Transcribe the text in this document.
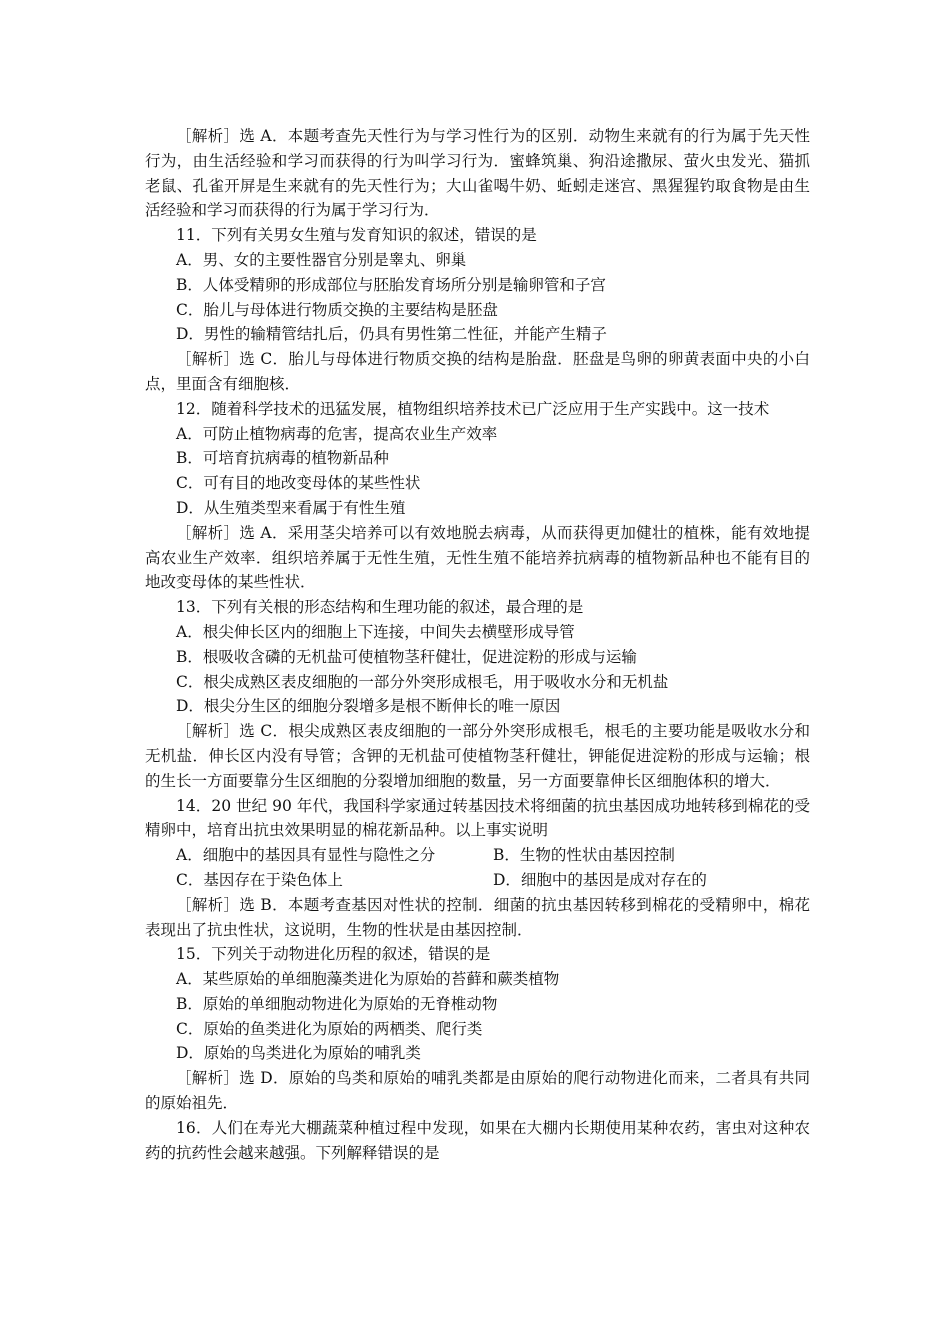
［解析］选 A．本题考查先天性行为与学习性行为的区别．动物生来就有的行为属于先天性行为，由生活经验和学习而获得的行为叫学习行为．蜜蜂筑巢、狗沿途撒尿、萤火虫发光、猫抓老鼠、孔雀开屏是生来就有的先天性行为；大山雀喝牛奶、蚯蚓走迷宫、黑猩猩钓取食物是由生活经验和学习而获得的行为属于学习行为．

11．下列有关男女生殖与发育知识的叙述，错误的是

A．男、女的主要性器官分别是睾丸、卵巢

B．人体受精卵的形成部位与胚胎发育场所分别是输卵管和子宫

C．胎儿与母体进行物质交换的主要结构是胚盘

D．男性的输精管结扎后，仍具有男性第二性征，并能产生精子

［解析］选 C．胎儿与母体进行物质交换的结构是胎盘．胚盘是鸟卵的卵黄表面中央的小白点，里面含有细胞核．

12．随着科学技术的迅猛发展，植物组织培养技术已广泛应用于生产实践中。这一技术

A．可防止植物病毒的危害，提高农业生产效率

B．可培育抗病毒的植物新品种

C．可有目的地改变母体的某些性状

D．从生殖类型来看属于有性生殖

［解析］选 A．采用茎尖培养可以有效地脱去病毒，从而获得更加健壮的植株，能有效地提高农业生产效率．组织培养属于无性生殖，无性生殖不能培养抗病毒的植物新品种也不能有目的地改变母体的某些性状．

13．下列有关根的形态结构和生理功能的叙述，最合理的是

A．根尖伸长区内的细胞上下连接，中间失去横壁形成导管

B．根吸收含磷的无机盐可使植物茎秆健壮，促进淀粉的形成与运输

C．根尖成熟区表皮细胞的一部分外突形成根毛，用于吸收水分和无机盐

D．根尖分生区的细胞分裂增多是根不断伸长的唯一原因

［解析］选 C．根尖成熟区表皮细胞的一部分外突形成根毛，根毛的主要功能是吸收水分和无机盐．伸长区内没有导管；含钾的无机盐可使植物茎秆健壮，钾能促进淀粉的形成与运输；根的生长一方面要靠分生区细胞的分裂增加细胞的数量，另一方面要靠伸长区细胞体积的增大．

14．20 世纪 90 年代，我国科学家通过转基因技术将细菌的抗虫基因成功地转移到棉花的受精卵中，培育出抗虫效果明显的棉花新品种。以上事实说明

A．细胞中的基因具有显性与隐性之分	B．生物的性状由基因控制
C．基因存在于染色体上	D．细胞中的基因是成对存在的

［解析］选 B．本题考查基因对性状的控制．细菌的抗虫基因转移到棉花的受精卵中，棉花表现出了抗虫性状，这说明，生物的性状是由基因控制．

15．下列关于动物进化历程的叙述，错误的是

A．某些原始的单细胞藻类进化为原始的苔藓和蕨类植物

B．原始的单细胞动物进化为原始的无脊椎动物

C．原始的鱼类进化为原始的两栖类、爬行类

D．原始的鸟类进化为原始的哺乳类

［解析］选 D．原始的鸟类和原始的哺乳类都是由原始的爬行动物进化而来，二者具有共同的原始祖先．

16．人们在寿光大棚蔬菜种植过程中发现，如果在大棚内长期使用某种农药，害虫对这种农药的抗药性会越来越强。下列解释错误的是
